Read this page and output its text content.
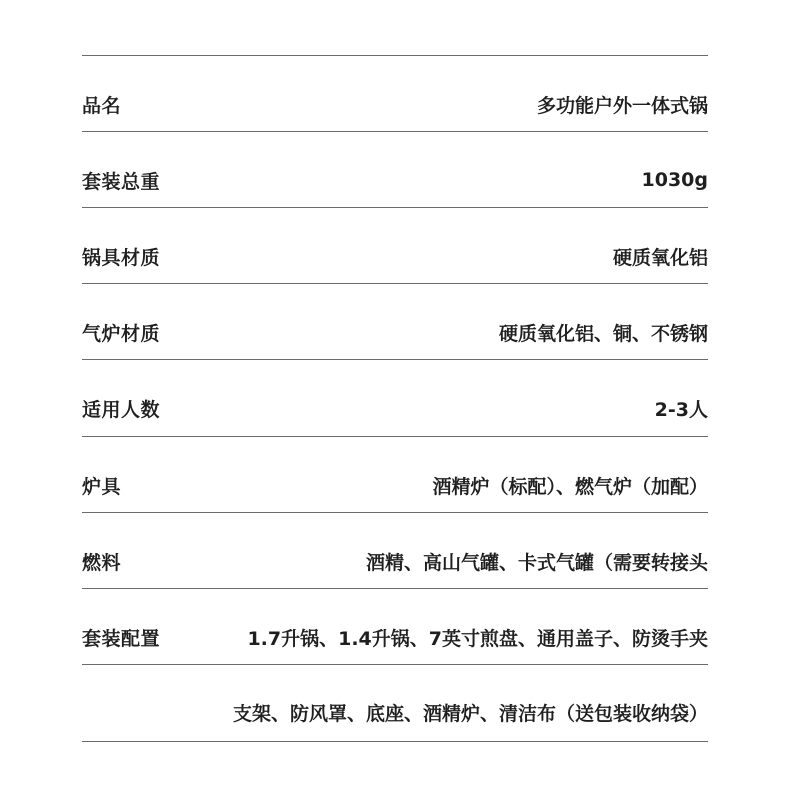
品名	多功能户外一体式锅
套装总重	1030g
锅具材质	硬质氧化铝
气炉材质	硬质氧化铝、铜、不锈钢
适用人数	2-3人
炉具	酒精炉（标配）、燃气炉（加配）
燃料	酒精、高山气罐、卡式气罐（需要转接头
套装配置	1.7升锅、1.4升锅、7英寸煎盘、通用盖子、防烫手夹
支架、防风罩、底座、酒精炉、清洁布（送包装收纳袋）
